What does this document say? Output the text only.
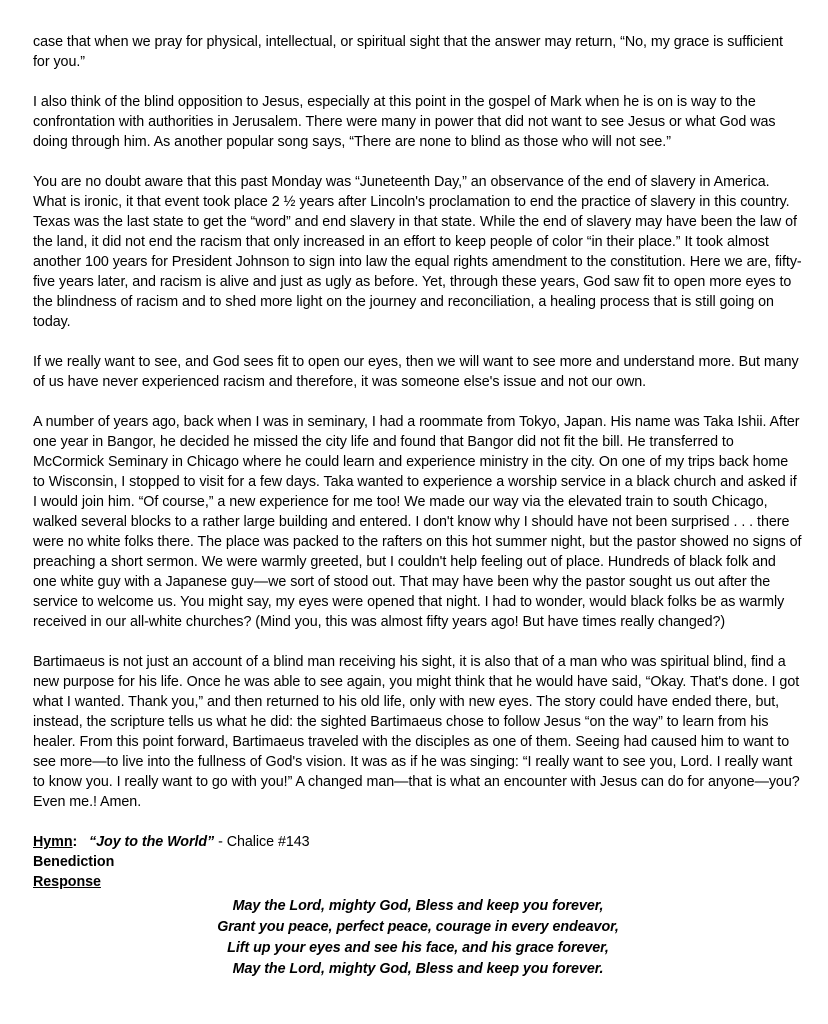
case that when we pray for physical, intellectual, or spiritual sight that the answer may return, “No, my grace is sufficient for you.”

I also think of the blind opposition to Jesus, especially at this point in the gospel of Mark when he is on is way to the confrontation with authorities in Jerusalem. There were many in power that did not want to see Jesus or what God was doing through him. As another popular song says, “There are none to blind as those who will not see.”

You are no doubt aware that this past Monday was “Juneteenth Day,” an observance of the end of slavery in America. What is ironic, it that event took place 2 ½ years after Lincoln's proclamation to end the practice of slavery in this country. Texas was the last state to get the “word” and end slavery in that state. While the end of slavery may have been the law of the land, it did not end the racism that only increased in an effort to keep people of color “in their place.” It took almost another 100 years for President Johnson to sign into law the equal rights amendment to the constitution. Here we are, fifty-five years later, and racism is alive and just as ugly as before. Yet, through these years, God saw fit to open more eyes to the blindness of racism and to shed more light on the journey and reconciliation, a healing process that is still going on today.

If we really want to see, and God sees fit to open our eyes, then we will want to see more and understand more. But many of us have never experienced racism and therefore, it was someone else's issue and not our own.

A number of years ago, back when I was in seminary, I had a roommate from Tokyo, Japan. His name was Taka Ishii. After one year in Bangor, he decided he missed the city life and found that Bangor did not fit the bill. He transferred to McCormick Seminary in Chicago where he could learn and experience ministry in the city. On one of my trips back home to Wisconsin, I stopped to visit for a few days. Taka wanted to experience a worship service in a black church and asked if I would join him. “Of course,” a new experience for me too! We made our way via the elevated train to south Chicago, walked several blocks to a rather large building and entered. I don't know why I should have not been surprised . . . there were no white folks there. The place was packed to the rafters on this hot summer night, but the pastor showed no signs of preaching a short sermon. We were warmly greeted, but I couldn't help feeling out of place. Hundreds of black folk and one white guy with a Japanese guy—we sort of stood out. That may have been why the pastor sought us out after the service to welcome us. You might say, my eyes were opened that night. I had to wonder, would black folks be as warmly received in our all-white churches? (Mind you, this was almost fifty years ago! But have times really changed?)

Bartimaeus is not just an account of a blind man receiving his sight, it is also that of a man who was spiritual blind, find a new purpose for his life. Once he was able to see again, you might think that he would have said, “Okay. That's done. I got what I wanted. Thank you,” and then returned to his old life, only with new eyes. The story could have ended there, but, instead, the scripture tells us what he did: the sighted Bartimaeus chose to follow Jesus “on the way” to learn from his healer. From this point forward, Bartimaeus traveled with the disciples as one of them. Seeing had caused him to want to see more—to live into the fullness of God's vision. It was as if he was singing: “I really want to see you, Lord. I really want to know you. I really want to go with you!” A changed man—that is what an encounter with Jesus can do for anyone—you? Even me.! Amen.

Hymn: “Joy to the World” - Chalice #143
Benediction
Response
May the Lord, mighty God, Bless and keep you forever,
Grant you peace, perfect peace, courage in every endeavor,
Lift up your eyes and see his face, and his grace forever,
May the Lord, mighty God, Bless and keep you forever.
